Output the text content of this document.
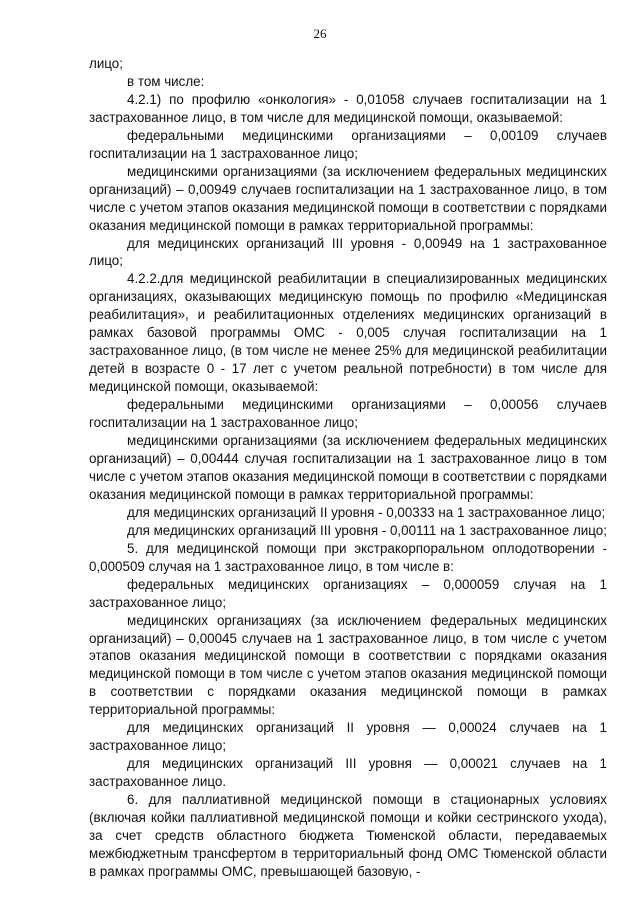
26

лицо;

в том числе:

4.2.1) по профилю «онкология» - 0,01058 случаев госпитализации на 1 застрахованное лицо, в том числе для медицинской помощи, оказываемой:

федеральными медицинскими организациями – 0,00109 случаев госпитализации на 1 застрахованное лицо;

медицинскими организациями (за исключением федеральных медицинских организаций) – 0,00949 случаев госпитализации на 1 застрахованное лицо, в том числе с учетом этапов оказания медицинской помощи в соответствии с порядками оказания медицинской помощи в рамках территориальной программы:

для медицинских организаций III уровня - 0,00949 на 1 застрахованное лицо;

4.2.2.для медицинской реабилитации в специализированных медицинских организациях, оказывающих медицинскую помощь по профилю «Медицинская реабилитация», и реабилитационных отделениях медицинских организаций в рамках базовой программы ОМС - 0,005 случая госпитализации на 1 застрахованное лицо, (в том числе не менее 25% для медицинской реабилитации детей в возрасте 0 - 17 лет с учетом реальной потребности) в том числе для медицинской помощи, оказываемой:

федеральными медицинскими организациями – 0,00056 случаев госпитализации на 1 застрахованное лицо;

медицинскими организациями (за исключением федеральных медицинских организаций) – 0,00444 случая госпитализации на 1 застрахованное лицо в том числе с учетом этапов оказания медицинской помощи в соответствии с порядками оказания медицинской помощи в рамках территориальной программы:

для медицинских организаций II уровня - 0,00333 на 1 застрахованное лицо;

для медицинских организаций III уровня - 0,00111 на 1 застрахованное лицо;

5. для медицинской помощи при экстракорпоральном оплодотворении - 0,000509 случая на 1 застрахованное лицо, в том числе в:

федеральных медицинских организациях – 0,000059 случая на 1 застрахованное лицо;

медицинских организациях (за исключением федеральных медицинских организаций) – 0,00045 случаев на 1 застрахованное лицо, в том числе с учетом этапов оказания медицинской помощи в соответствии с порядками оказания медицинской помощи в том числе с учетом этапов оказания медицинской помощи в соответствии с порядками оказания медицинской помощи в рамках территориальной программы:

для медицинских организаций II уровня — 0,00024 случаев на 1 застрахованное лицо;

для медицинских организаций III уровня — 0,00021 случаев на 1 застрахованное лицо.

6. для паллиативной медицинской помощи в стационарных условиях (включая койки паллиативной медицинской помощи и койки сестринского ухода), за счет средств областного бюджета Тюменской области, передаваемых межбюджетным трансфертом в территориальный фонд ОМС Тюменской области в рамках программы ОМС, превышающей базовую, -
